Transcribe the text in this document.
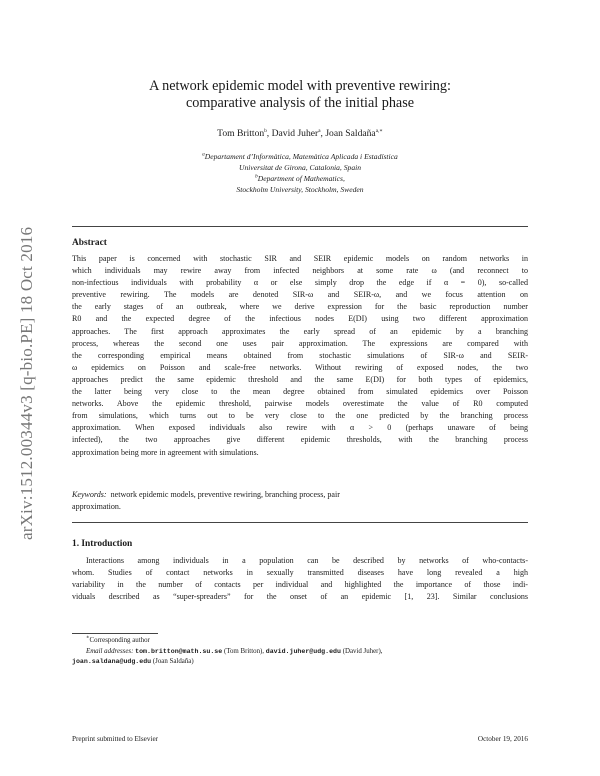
arXiv:1512.00344v3 [q-bio.PE] 18 Oct 2016
A network epidemic model with preventive rewiring:
comparative analysis of the initial phase
Tom Britton$^b$, David Juher$^a$, Joan Saldaña$^{a,∗}$

$^a$Departament d’Informàtica, Matemàtica Aplicada i Estadística

Universitat de Girona, Catalonia, Spain

$^b$Department of Mathematics,

Stockholm University, Stockholm, Sweden

Abstract
This paper is concerned with stochastic SIR and SEIR epidemic models on random networks in
which individuals may rewire away from infected neighbors at some rate ω (and reconnect to
non-infectious individuals with probability α or else simply drop the edge if α = 0), so-called
preventive rewiring. The models are denoted SIR-ω and SEIR-ω, and we focus attention on
the early stages of an outbreak, where we derive expression for the basic reproduction number
R0 and the expected degree of the infectious nodes E(DI) using two different approximation
approaches. The first approach approximates the early spread of an epidemic by a branching
process, whereas the second one uses pair approximation. The expressions are compared with
the corresponding empirical means obtained from stochastic simulations of SIR-ω and SEIR-
ω epidemics on Poisson and scale-free networks. Without rewiring of exposed nodes, the two
approaches predict the same epidemic threshold and the same E(DI) for both types of epidemics,
the latter being very close to the mean degree obtained from simulated epidemics over Poisson
networks. Above the epidemic threshold, pairwise models overestimate the value of R0 computed
from simulations, which turns out to be very close to the one predicted by the branching process
approximation. When exposed individuals also rewire with α > 0 (perhaps unaware of being
infected), the two approaches give different epidemic thresholds, with the branching process
approximation being more in agreement with simulations.
Keywords: network epidemic models, preventive rewiring, branching process, pair
approximation.
1. Introduction
Interactions among individuals in a population can be described by networks of who-contacts-
whom. Studies of contact networks in sexually transmitted diseases have long revealed a high
variability in the number of contacts per individual and highlighted the importance of those indi-
viduals described as “super-spreaders” for the onset of an epidemic [1, 23]. Similar conclusions
∗Corresponding author
Email addresses: tom.britton@math.su.se (Tom Britton), david.juher@udg.edu (David Juher),
joan.saldana@udg.edu (Joan Saldaña)
Preprint submitted to Elsevier	October 19, 2016
